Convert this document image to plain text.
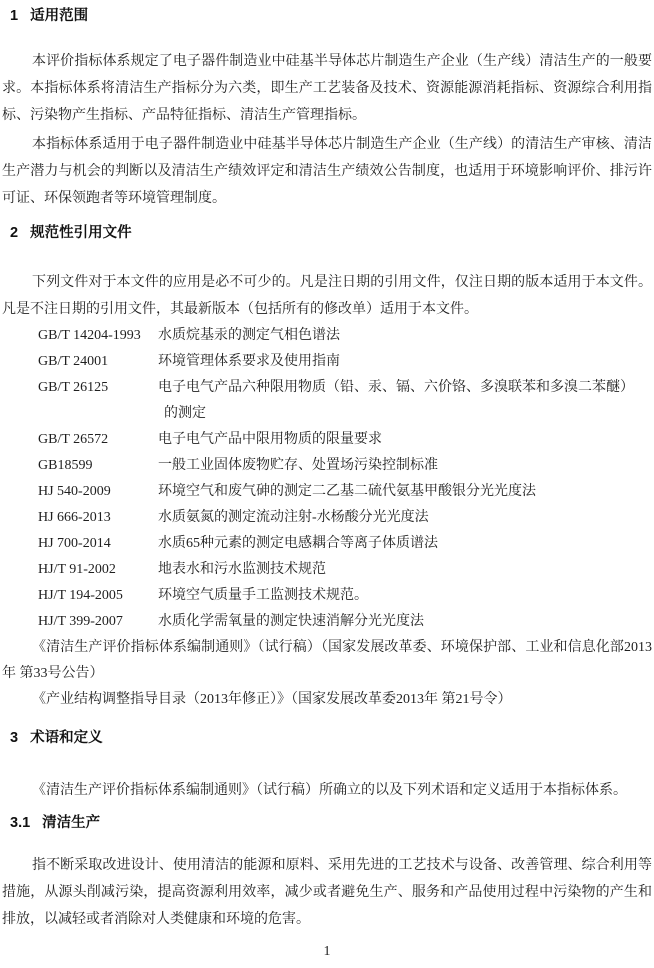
1 适用范围

本评价指标体系规定了电子器件制造业中硅基半导体芯片制造生产企业（生产线）清洁生产的一般要求。本指标体系将清洁生产指标分为六类，即生产工艺装备及技术、资源能源消耗指标、资源综合利用指标、污染物产生指标、产品特征指标、清洁生产管理指标。

本指标体系适用于电子器件制造业中硅基半导体芯片制造生产企业（生产线）的清洁生产审核、清洁生产潜力与机会的判断以及清洁生产绩效评定和清洁生产绩效公告制度，也适用于环境影响评价、排污许可证、环保领跑者等环境管理制度。

2 规范性引用文件

下列文件对于本文件的应用是必不可少的。凡是注日期的引用文件，仅注日期的版本适用于本文件。凡是不注日期的引用文件，其最新版本（包括所有的修改单）适用于本文件。

GB/T 14204-1993	水质烷基汞的测定气相色谱法
GB/T 24001	环境管理体系要求及使用指南
GB/T 26125	电子电气产品六种限用物质（铅、汞、镉、六价铬、多溴联苯和多溴二苯醚）
的测定
GB/T 26572	电子电气产品中限用物质的限量要求
GB18599	一般工业固体废物贮存、处置场污染控制标准
HJ 540-2009	环境空气和废气砷的测定二乙基二硫代氨基甲酸银分光光度法
HJ 666-2013	水质氨氮的测定流动注射-水杨酸分光光度法
HJ 700-2014	水质65种元素的测定电感耦合等离子体质谱法
HJ/T 91-2002	地表水和污水监测技术规范
HJ/T 194-2005	环境空气质量手工监测技术规范。
HJ/T 399-2007	水质化学需氧量的测定快速消解分光光度法

《清洁生产评价指标体系编制通则》（试行稿）（国家发展改革委、环境保护部、工业和信息化部2013年 第33号公告）

《产业结构调整指导目录（2013年修正）》（国家发展改革委2013年 第21号令）

3 术语和定义

《清洁生产评价指标体系编制通则》（试行稿）所确立的以及下列术语和定义适用于本指标体系。

3.1 清洁生产

指不断采取改进设计、使用清洁的能源和原料、采用先进的工艺技术与设备、改善管理、综合利用等措施，从源头削减污染，提高资源利用效率，减少或者避免生产、服务和产品使用过程中污染物的产生和排放，以减轻或者消除对人类健康和环境的危害。

1
